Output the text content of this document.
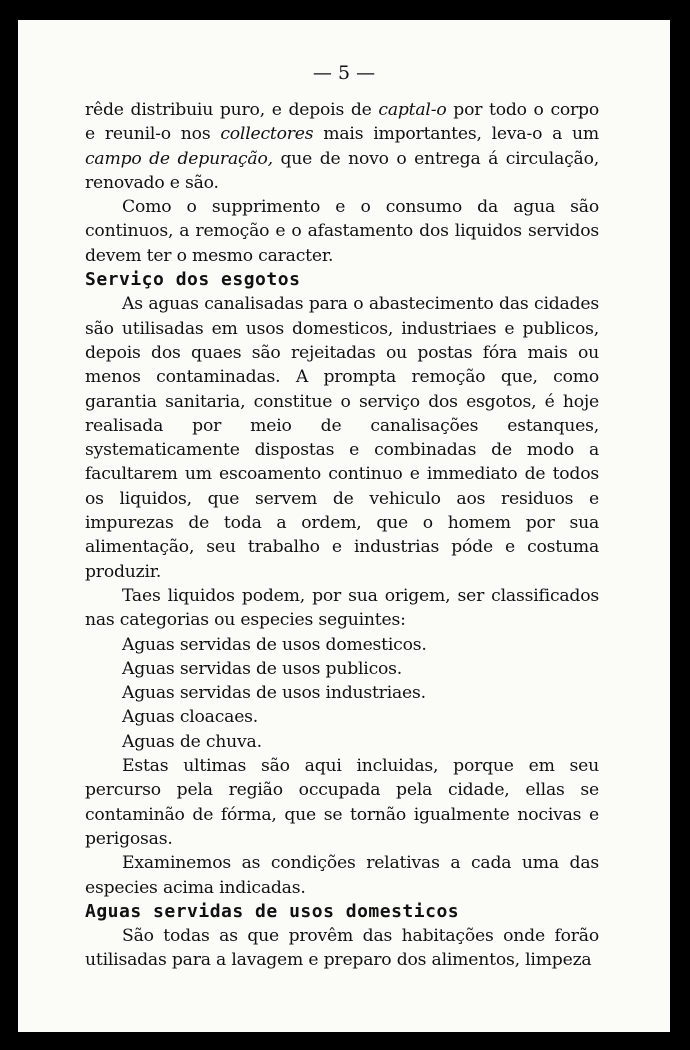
— 5 —

rêde distribuiu puro, e depois de captal-o por todo o corpo e reunil-o nos collectores mais importantes, leva-o a um campo de depuração, que de novo o entrega á circulação, renovado e são.

Como o supprimento e o consumo da agua são continuos, a remoção e o afastamento dos liquidos servidos devem ter o mesmo caracter.

Serviço dos esgotos

As aguas canalisadas para o abastecimento das cidades são utilisadas em usos domesticos, industriaes e publicos, depois dos quaes são rejeitadas ou postas fóra mais ou menos contaminadas. A prompta remoção que, como garantia sanitaria, constitue o serviço dos esgotos, é hoje realisada por meio de canalisações estanques, systematicamente dispostas e combinadas de modo a facultarem um escoamento continuo e immediato de todos os liquidos, que servem de vehiculo aos residuos e impurezas de toda a ordem, que o homem por sua alimentação, seu trabalho e industrias póde e costuma produzir.

Taes liquidos podem, por sua origem, ser classificados nas categorias ou especies seguintes:

Aguas servidas de usos domesticos.

Aguas servidas de usos publicos.

Aguas servidas de usos industriaes.

Aguas cloacaes.

Aguas de chuva.

Estas ultimas são aqui incluidas, porque em seu percurso pela região occupada pela cidade, ellas se contaminão de fórma, que se tornão igualmente nocivas e perigosas.

Examinemos as condições relativas a cada uma das especies acima indicadas.

Aguas servidas de usos domesticos

São todas as que provêm das habitações onde forão utilisadas para a lavagem e preparo dos alimentos, limpeza
